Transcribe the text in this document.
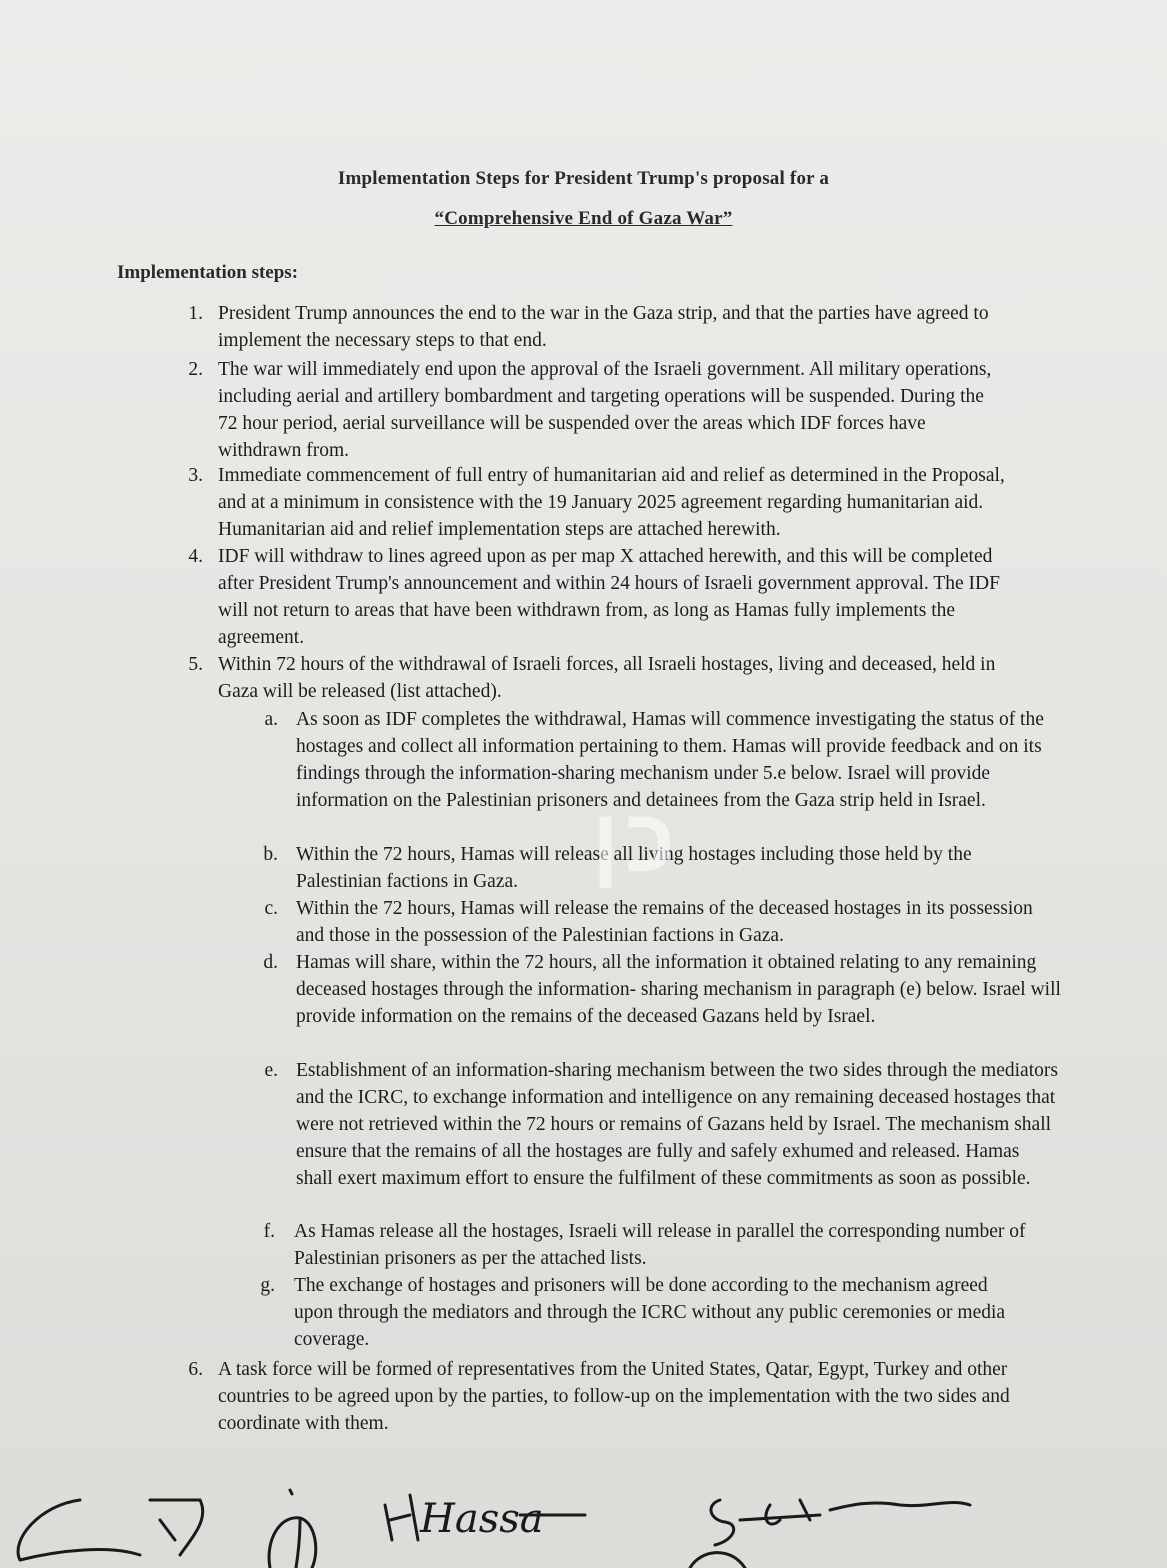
Implementation Steps for President Trump's proposal for a
“Comprehensive End of Gaza War”
Implementation steps:
1. President Trump announces the end to the war in the Gaza strip, and that the parties have agreed to implement the necessary steps to that end.
2. The war will immediately end upon the approval of the Israeli government. All military operations, including aerial and artillery bombardment and targeting operations will be suspended. During the 72 hour period, aerial surveillance will be suspended over the areas which IDF forces have withdrawn from.
3. Immediate commencement of full entry of humanitarian aid and relief as determined in the Proposal, and at a minimum in consistence with the 19 January 2025 agreement regarding humanitarian aid. Humanitarian aid and relief implementation steps are attached herewith.
4. IDF will withdraw to lines agreed upon as per map X attached herewith, and this will be completed after President Trump's announcement and within 24 hours of Israeli government approval. The IDF will not return to areas that have been withdrawn from, as long as Hamas fully implements the agreement.
5. Within 72 hours of the withdrawal of Israeli forces, all Israeli hostages, living and deceased, held in Gaza will be released (list attached).
a. As soon as IDF completes the withdrawal, Hamas will commence investigating the status of the hostages and collect all information pertaining to them. Hamas will provide feedback and on its findings through the information-sharing mechanism under 5.e below. Israel will provide information on the Palestinian prisoners and detainees from the Gaza strip held in Israel.
b. Within the 72 hours, Hamas will release all living hostages including those held by the Palestinian factions in Gaza.
c. Within the 72 hours, Hamas will release the remains of the deceased hostages in its possession and those in the possession of the Palestinian factions in Gaza.
d. Hamas will share, within the 72 hours, all the information it obtained relating to any remaining deceased hostages through the information- sharing mechanism in paragraph (e) below. Israel will provide information on the remains of the deceased Gazans held by Israel.
e. Establishment of an information-sharing mechanism between the two sides through the mediators and the ICRC, to exchange information and intelligence on any remaining deceased hostages that were not retrieved within the 72 hours or remains of Gazans held by Israel. The mechanism shall ensure that the remains of all the hostages are fully and safely exhumed and released. Hamas shall exert maximum effort to ensure the fulfilment of these commitments as soon as possible.
f. As Hamas release all the hostages, Israeli will release in parallel the corresponding number of Palestinian prisoners as per the attached lists.
g. The exchange of hostages and prisoners will be done according to the mechanism agreed upon through the mediators and through the ICRC without any public ceremonies or media coverage.
6. A task force will be formed of representatives from the United States, Qatar, Egypt, Turkey and other countries to be agreed upon by the parties, to follow-up on the implementation with the two sides and coordinate with them.
כן
Hassa
